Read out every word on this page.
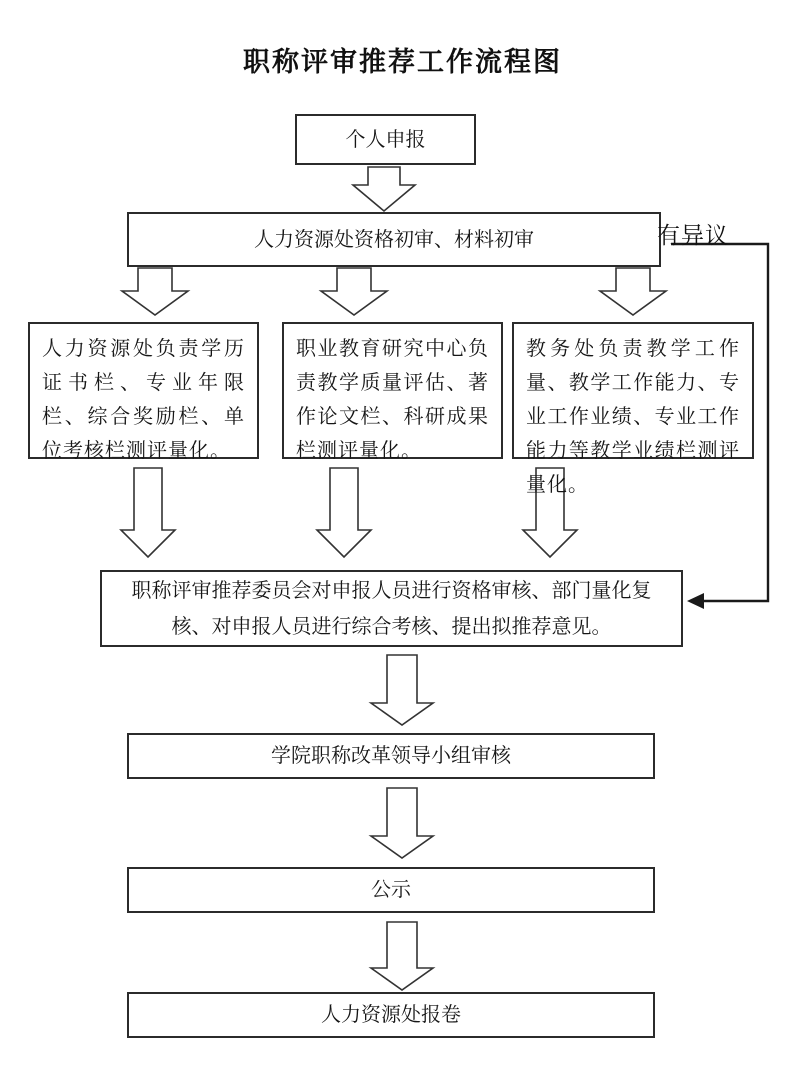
职称评审推荐工作流程图
个人申报
人力资源处资格初审、材料初审	有异议
人力资源处负责学历证书栏、专业年限栏、综合奖励栏、单位考核栏测评量化。
职业教育研究中心负责教学质量评估、著作论文栏、科研成果栏测评量化。
教务处负责教学工作量、教学工作能力、专业工作业绩、专业工作能力等教学业绩栏测评量化。
职称评审推荐委员会对申报人员进行资格审核、部门量化复核、对申报人员进行综合考核、提出拟推荐意见。
学院职称改革领导小组审核
公示
人力资源处报卷
